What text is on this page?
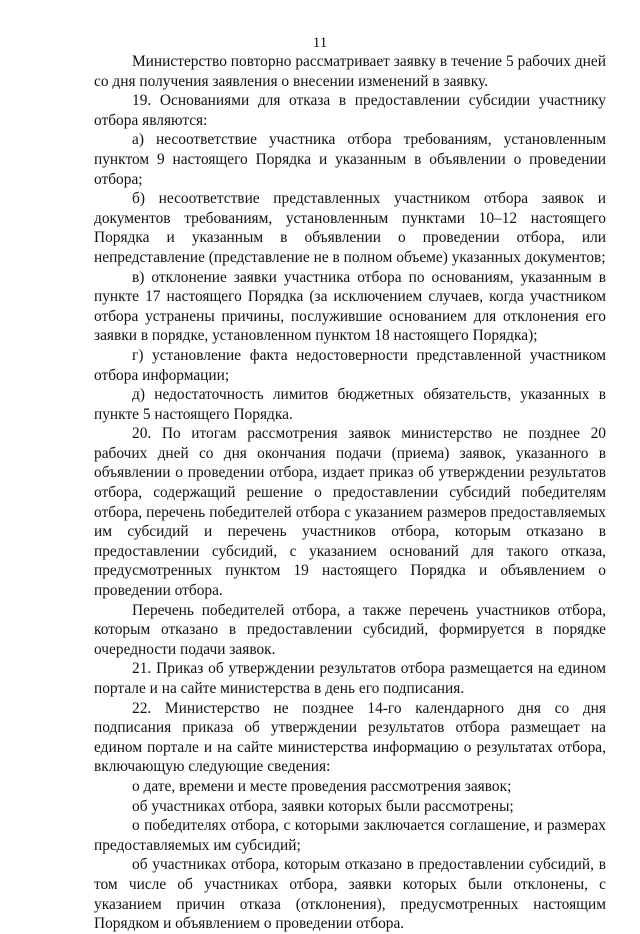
11

Министерство повторно рассматривает заявку в течение 5 рабочих дней со дня получения заявления о внесении изменений в заявку.

19. Основаниями для отказа в предоставлении субсидии участнику отбора являются:

а) несоответствие участника отбора требованиям, установленным пунктом 9 настоящего Порядка и указанным в объявлении о проведении отбора;

б) несоответствие представленных участником отбора заявок и документов требованиям, установленным пунктами 10–12 настоящего Порядка и указанным в объявлении о проведении отбора, или непредставление (представление не в полном объеме) указанных документов;

в) отклонение заявки участника отбора по основаниям, указанным в пункте 17 настоящего Порядка (за исключением случаев, когда участником отбора устранены причины, послужившие основанием для отклонения его заявки в порядке, установленном пунктом 18 настоящего Порядка);

г) установление факта недостоверности представленной участником отбора информации;

д) недостаточность лимитов бюджетных обязательств, указанных в пункте 5 настоящего Порядка.

20. По итогам рассмотрения заявок министерство не позднее 20 рабочих дней со дня окончания подачи (приема) заявок, указанного в объявлении о проведении отбора, издает приказ об утверждении результатов отбора, содержащий решение о предоставлении субсидий победителям отбора, перечень победителей отбора с указанием размеров предоставляемых им субсидий и перечень участников отбора, которым отказано в предоставлении субсидий, с указанием оснований для такого отказа, предусмотренных пунктом 19 настоящего Порядка и объявлением о проведении отбора.

Перечень победителей отбора, а также перечень участников отбора, которым отказано в предоставлении субсидий, формируется в порядке очередности подачи заявок.

21. Приказ об утверждении результатов отбора размещается на едином портале и на сайте министерства в день его подписания.

22. Министерство не позднее 14-го календарного дня со дня подписания приказа об утверждении результатов отбора размещает на едином портале и на сайте министерства информацию о результатах отбора, включающую следующие сведения:

о дате, времени и месте проведения рассмотрения заявок;

об участниках отбора, заявки которых были рассмотрены;

о победителях отбора, с которыми заключается соглашение, и размерах предоставляемых им субсидий;

об участниках отбора, которым отказано в предоставлении субсидий, в том числе об участниках отбора, заявки которых были отклонены, с указанием причин отказа (отклонения), предусмотренных настоящим Порядком и объявлением о проведении отбора.
